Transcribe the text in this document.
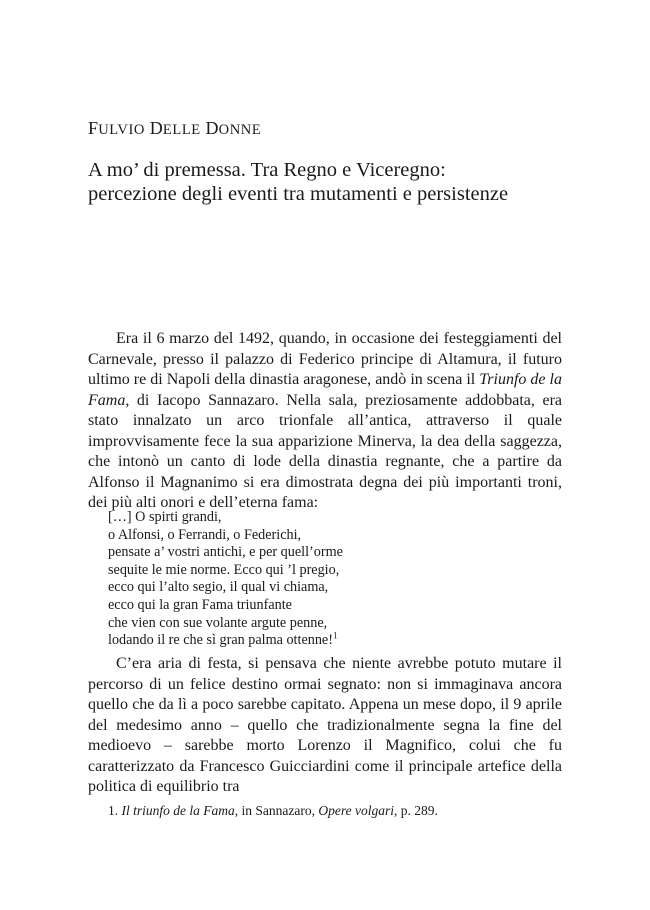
FULVIO DELLE DONNE
A mo’ di premessa. Tra Regno e Viceregno:
percezione degli eventi tra mutamenti e persistenze

Era il 6 marzo del 1492, quando, in occasione dei festeggiamenti del Carnevale, presso il palazzo di Federico principe di Altamura, il futuro ultimo re di Napoli della dinastia aragonese, andò in scena il Triunfo de la Fama, di Iacopo Sannazaro. Nella sala, preziosamente addobbata, era stato innalzato un arco trionfale all’antica, attraverso il quale improvvisamente fece la sua apparizione Minerva, la dea della saggezza, che intonò un canto di lode della dinastia regnante, che a partire da Alfonso il Magnanimo si era dimostrata degna dei più importanti troni, dei più alti onori e dell’eterna fama:

[…] O spirti grandi,
o Alfonsi, o Ferrandi, o Federichi,
pensate a’ vostri antichi, e per quell’orme
sequite le mie norme. Ecco qui ’l pregio,
ecco qui l’alto segio, il qual vi chiama,
ecco qui la gran Fama triunfante
che vien con sue volante argute penne,
lodando il re che sì gran palma ottenne!$^1$

C’era aria di festa, si pensava che niente avrebbe potuto mutare il percorso di un felice destino ormai segnato: non si immaginava ancora quello che da lì a poco sarebbe capitato. Appena un mese dopo, il 9 aprile del medesimo anno – quello che tradizionalmente segna la fine del medioevo – sarebbe morto Lorenzo il Magnifico, colui che fu caratterizzato da Francesco Guicciardini come il principale artefice della politica di equilibrio tra

1. Il triunfo de la Fama, in Sannazaro, Opere volgari, p. 289.
